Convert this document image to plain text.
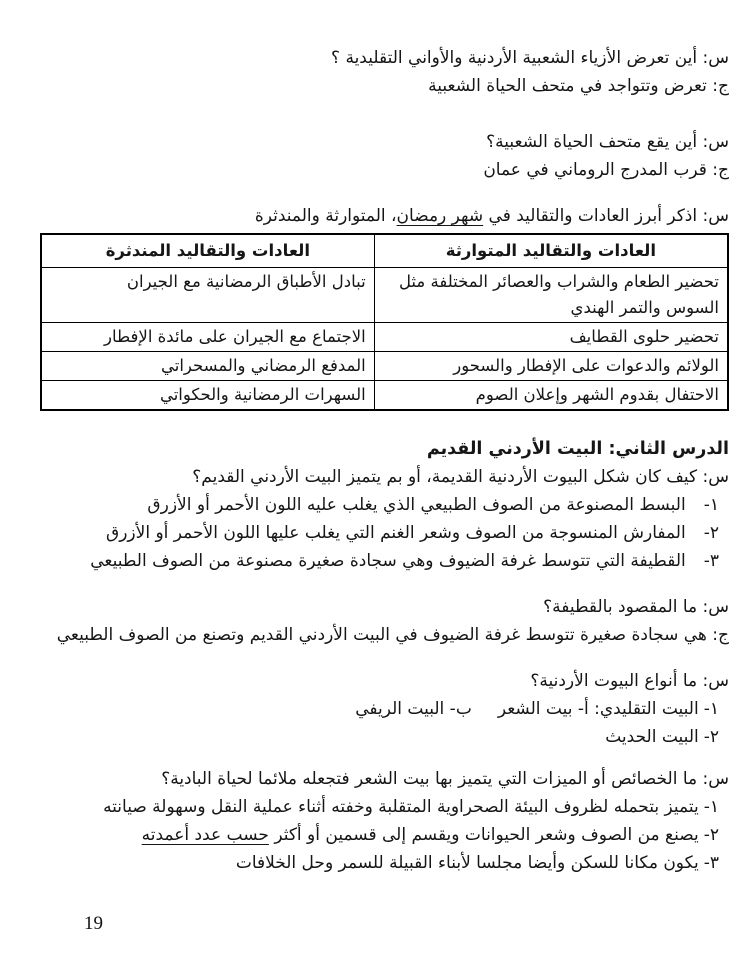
س: أين تعرض الأزياء الشعبية الأردنية والأواني التقليدية ؟

ج: تعرض وتتواجد في متحف الحياة الشعبية

س: أين يقع متحف الحياة الشعبية؟

ج: قرب المدرج الروماني في عمان

س: اذكر أبرز العادات والتقاليد في شهر رمضان، المتوارثة والمندثرة

العادات والتقاليد المتوارثة	العادات والتقاليد المندثرة
تحضير الطعام والشراب والعصائر المختلفة مثل السوس والتمر الهندي	تبادل الأطباق الرمضانية مع الجيران
تحضير حلوى القطايف	الاجتماع مع الجيران على مائدة الإفطار
الولائم والدعوات على الإفطار والسحور	المدفع الرمضاني والمسحراتي
الاحتفال بقدوم الشهر وإعلان الصوم	السهرات الرمضانية والحكواتي
الدرس الثاني: البيت الأردني القديم

س: كيف كان شكل البيوت الأردنية القديمة، أو بم يتميز البيت الأردني القديم؟

١-البسط المصنوعة من الصوف الطبيعي الذي يغلب عليه اللون الأحمر أو الأزرق

٢-المفارش المنسوجة من الصوف وشعر الغنم التي يغلب عليها اللون الأحمر أو الأزرق

٣-القطيفة التي تتوسط غرفة الضيوف وهي سجادة صغيرة مصنوعة من الصوف الطبيعي

س: ما المقصود بالقطيفة؟

ج: هي سجادة صغيرة تتوسط غرفة الضيوف في البيت الأردني القديم وتصنع من الصوف الطبيعي

س: ما أنواع البيوت الأردنية؟

١-البيت التقليدي: أ- بيت الشعرب- البيت الريفي

٢-البيت الحديث

س: ما الخصائص أو الميزات التي يتميز بها بيت الشعر فتجعله ملائما لحياة البادية؟

١-يتميز بتحمله لظروف البيئة الصحراوية المتقلبة وخفته أثناء عملية النقل وسهولة صيانته

٢-يصنع من الصوف وشعر الحيوانات ويقسم إلى قسمين أو أكثر حسب عدد أعمدته

٣-يكون مكانا للسكن وأيضا مجلسا لأبناء القبيلة للسمر وحل الخلافات

19
